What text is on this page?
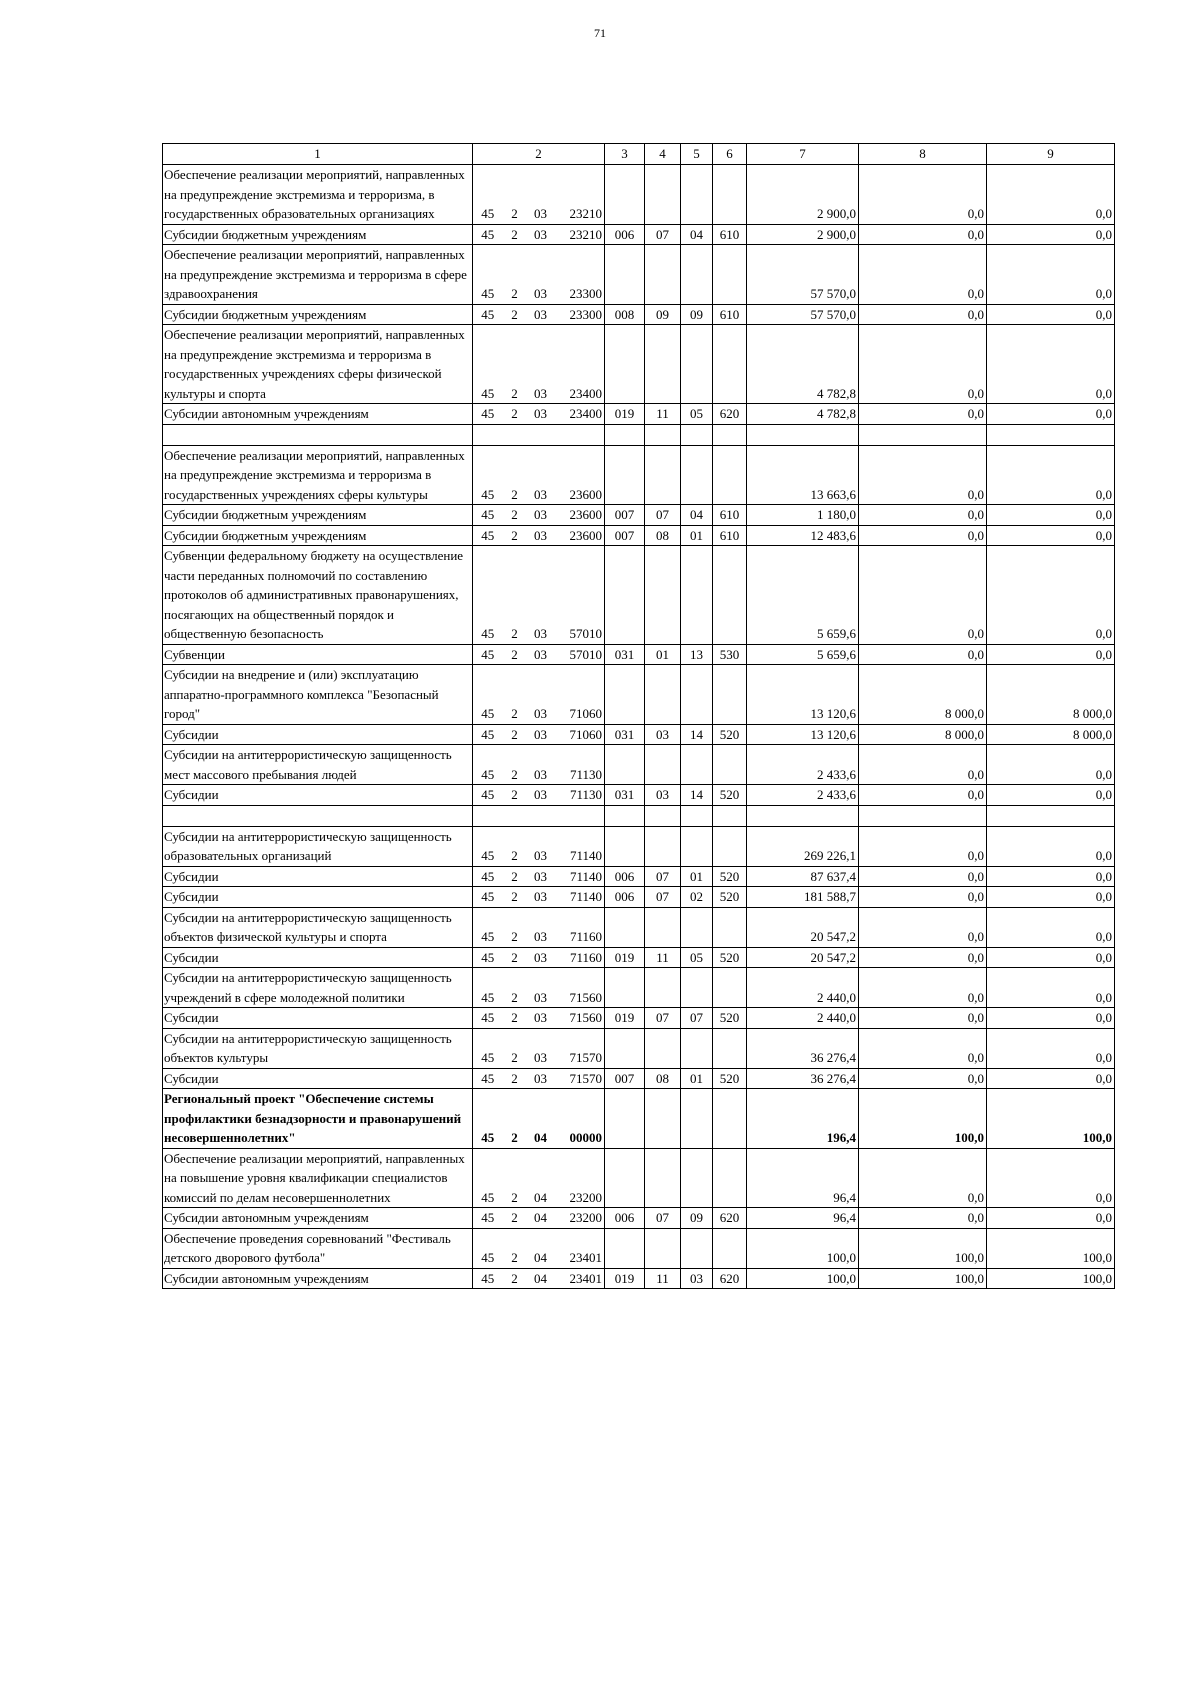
71
1	2				3	4	5	6	7	8	9
Обеспечение реализации мероприятий, направленных на предупреждение экстремизма и терроризма, в государственных образовательных организациях	45	2	03	23210					2 900,0	0,0	0,0
Субсидии бюджетным учреждениям	45	2	03	23210	006	07	04	610	2 900,0	0,0	0,0
Обеспечение реализации мероприятий, направленных на предупреждение экстремизма и терроризма в сфере здравоохранения	45	2	03	23300					57 570,0	0,0	0,0
Субсидии бюджетным учреждениям	45	2	03	23300	008	09	09	610	57 570,0	0,0	0,0
Обеспечение реализации мероприятий, направленных на предупреждение экстремизма и терроризма в государственных учреждениях сферы физической культуры и спорта	45	2	03	23400					4 782,8	0,0	0,0
Субсидии автономным учреждениям	45	2	03	23400	019	11	05	620	4 782,8	0,0	0,0

Обеспечение реализации мероприятий, направленных на предупреждение экстремизма и терроризма в государственных учреждениях сферы культуры	45	2	03	23600					13 663,6	0,0	0,0
Субсидии бюджетным учреждениям	45	2	03	23600	007	07	04	610	1 180,0	0,0	0,0
Субсидии бюджетным учреждениям	45	2	03	23600	007	08	01	610	12 483,6	0,0	0,0
Субвенции федеральному бюджету на осуществление части переданных полномочий по составлению протоколов об административных правонарушениях, посягающих на общественный порядок и общественную безопасность	45	2	03	57010					5 659,6	0,0	0,0
Субвенции	45	2	03	57010	031	01	13	530	5 659,6	0,0	0,0
Субсидии на внедрение и (или) эксплуатацию аппаратно-программного комплекса "Безопасный город"	45	2	03	71060					13 120,6	8 000,0	8 000,0
Субсидии	45	2	03	71060	031	03	14	520	13 120,6	8 000,0	8 000,0
Субсидии на антитеррористическую защищенность мест массового пребывания людей	45	2	03	71130					2 433,6	0,0	0,0
Субсидии	45	2	03	71130	031	03	14	520	2 433,6	0,0	0,0

Субсидии на антитеррористическую защищенность образовательных организаций	45	2	03	71140					269 226,1	0,0	0,0
Субсидии	45	2	03	71140	006	07	01	520	87 637,4	0,0	0,0
Субсидии	45	2	03	71140	006	07	02	520	181 588,7	0,0	0,0
Субсидии на антитеррористическую защищенность объектов физической культуры и спорта	45	2	03	71160					20 547,2	0,0	0,0
Субсидии	45	2	03	71160	019	11	05	520	20 547,2	0,0	0,0
Субсидии на антитеррористическую защищенность учреждений в сфере молодежной политики	45	2	03	71560					2 440,0	0,0	0,0
Субсидии	45	2	03	71560	019	07	07	520	2 440,0	0,0	0,0
Субсидии на антитеррористическую защищенность объектов культуры	45	2	03	71570					36 276,4	0,0	0,0
Субсидии	45	2	03	71570	007	08	01	520	36 276,4	0,0	0,0
Региональный проект "Обеспечение системы профилактики безнадзорности и правонарушений несовершеннолетних"	45	2	04	00000					196,4	100,0	100,0
Обеспечение реализации мероприятий, направленных на повышение уровня квалификации специалистов комиссий по делам несовершеннолетних	45	2	04	23200					96,4	0,0	0,0
Субсидии автономным учреждениям	45	2	04	23200	006	07	09	620	96,4	0,0	0,0
Обеспечение проведения соревнований "Фестиваль детского дворового футбола"	45	2	04	23401					100,0	100,0	100,0
Субсидии автономным учреждениям	45	2	04	23401	019	11	03	620	100,0	100,0	100,0
